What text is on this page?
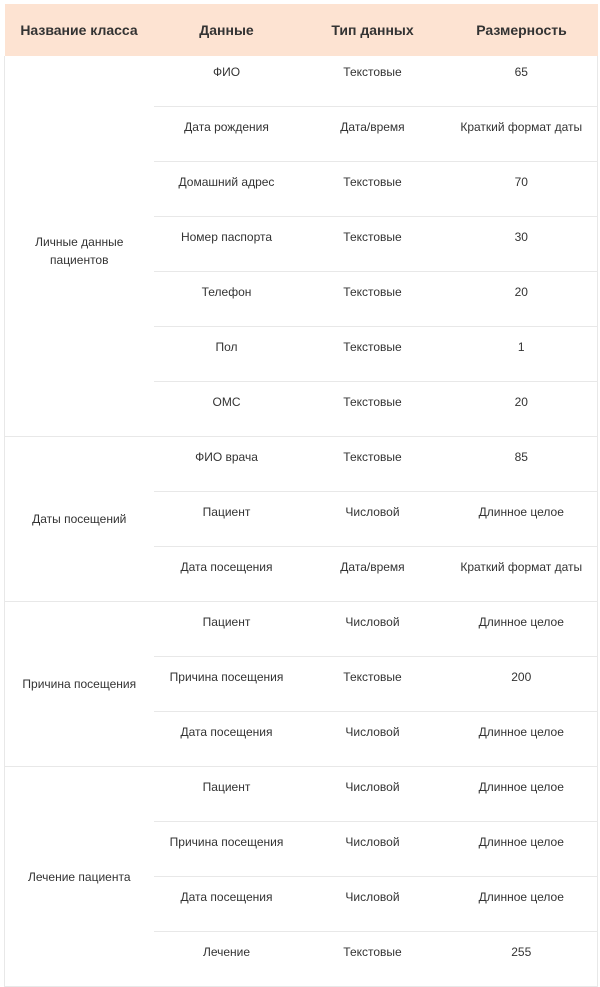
Название класса	Данные	Тип данных	Размерность
Личные данные пациентов	ФИО	Текстовые	65
	Дата рождения	Дата/время	Краткий формат даты
	Домашний адрес	Текстовые	70
	Номер паспорта	Текстовые	30
	Телефон	Текстовые	20
	Пол	Текстовые	1
	ОМС	Текстовые	20
Даты посещений	ФИО врача	Текстовые	85
	Пациент	Числовой	Длинное целое
	Дата посещения	Дата/время	Краткий формат даты
Причина посещения	Пациент	Числовой	Длинное целое
	Причина посещения	Текстовые	200
	Дата посещения	Числовой	Длинное целое
Лечение пациента	Пациент	Числовой	Длинное целое
	Причина посещения	Числовой	Длинное целое
	Дата посещения	Числовой	Длинное целое
	Лечение	Текстовые	255
